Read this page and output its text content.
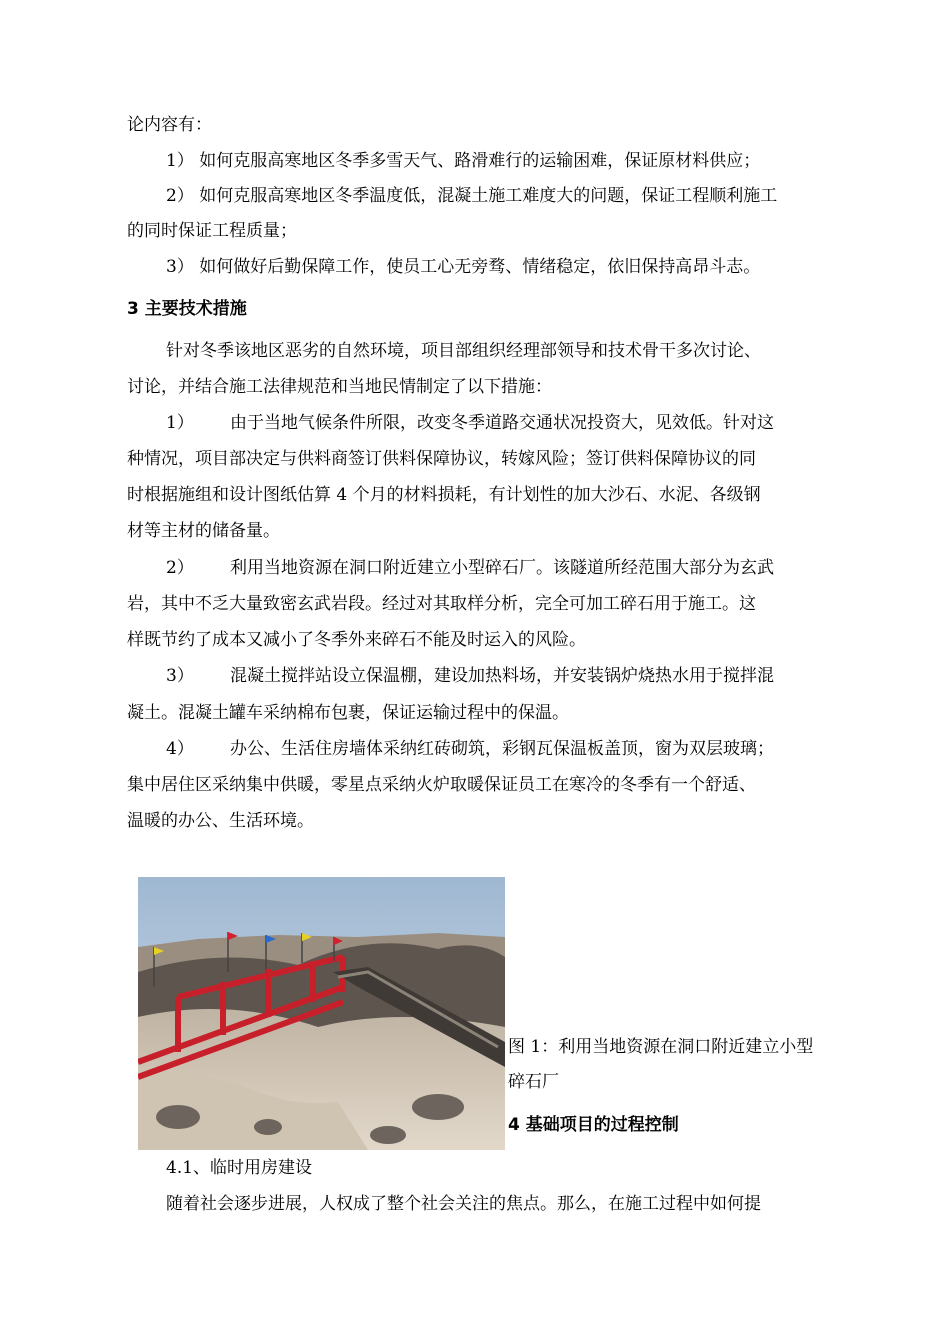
论内容有：
1） 如何克服高寒地区冬季多雪天气、路滑难行的运输困难，保证原材料供应；
2） 如何克服高寒地区冬季温度低，混凝土施工难度大的问题，保证工程顺利施工
的同时保证工程质量；
3） 如何做好后勤保障工作，使员工心无旁骛、情绪稳定，依旧保持高昂斗志。
3 主要技术措施
针对冬季该地区恶劣的自然环境，项目部组织经理部领导和技术骨干多次讨论、
讨论，并结合施工法律规范和当地民情制定了以下措施：
1） 由于当地气候条件所限，改变冬季道路交通状况投资大，见效低。针对这
种情况，项目部决定与供料商签订供料保障协议，转嫁风险；签订供料保障协议的同
时根据施组和设计图纸估算 4 个月的材料损耗，有计划性的加大沙石、水泥、各级钢
材等主材的储备量。
2） 利用当地资源在洞口附近建立小型碎石厂。该隧道所经范围大部分为玄武
岩，其中不乏大量致密玄武岩段。经过对其取样分析，完全可加工碎石用于施工。这
样既节约了成本又减小了冬季外来碎石不能及时运入的风险。
3） 混凝土搅拌站设立保温棚，建设加热料场，并安装锅炉烧热水用于搅拌混
凝土。混凝土罐车采纳棉布包裹，保证运输过程中的保温。
4） 办公、生活住房墙体采纳红砖砌筑，彩钢瓦保温板盖顶，窗为双层玻璃；
集中居住区采纳集中供暖，零星点采纳火炉取暖保证员工在寒冷的冬季有一个舒适、
温暖的办公、生活环境。
图 1：利用当地资源在洞口附近建立小型
碎石厂
4 基础项目的过程控制
4.1、临时用房建设
随着社会逐步进展，人权成了整个社会关注的焦点。那么，在施工过程中如何提
